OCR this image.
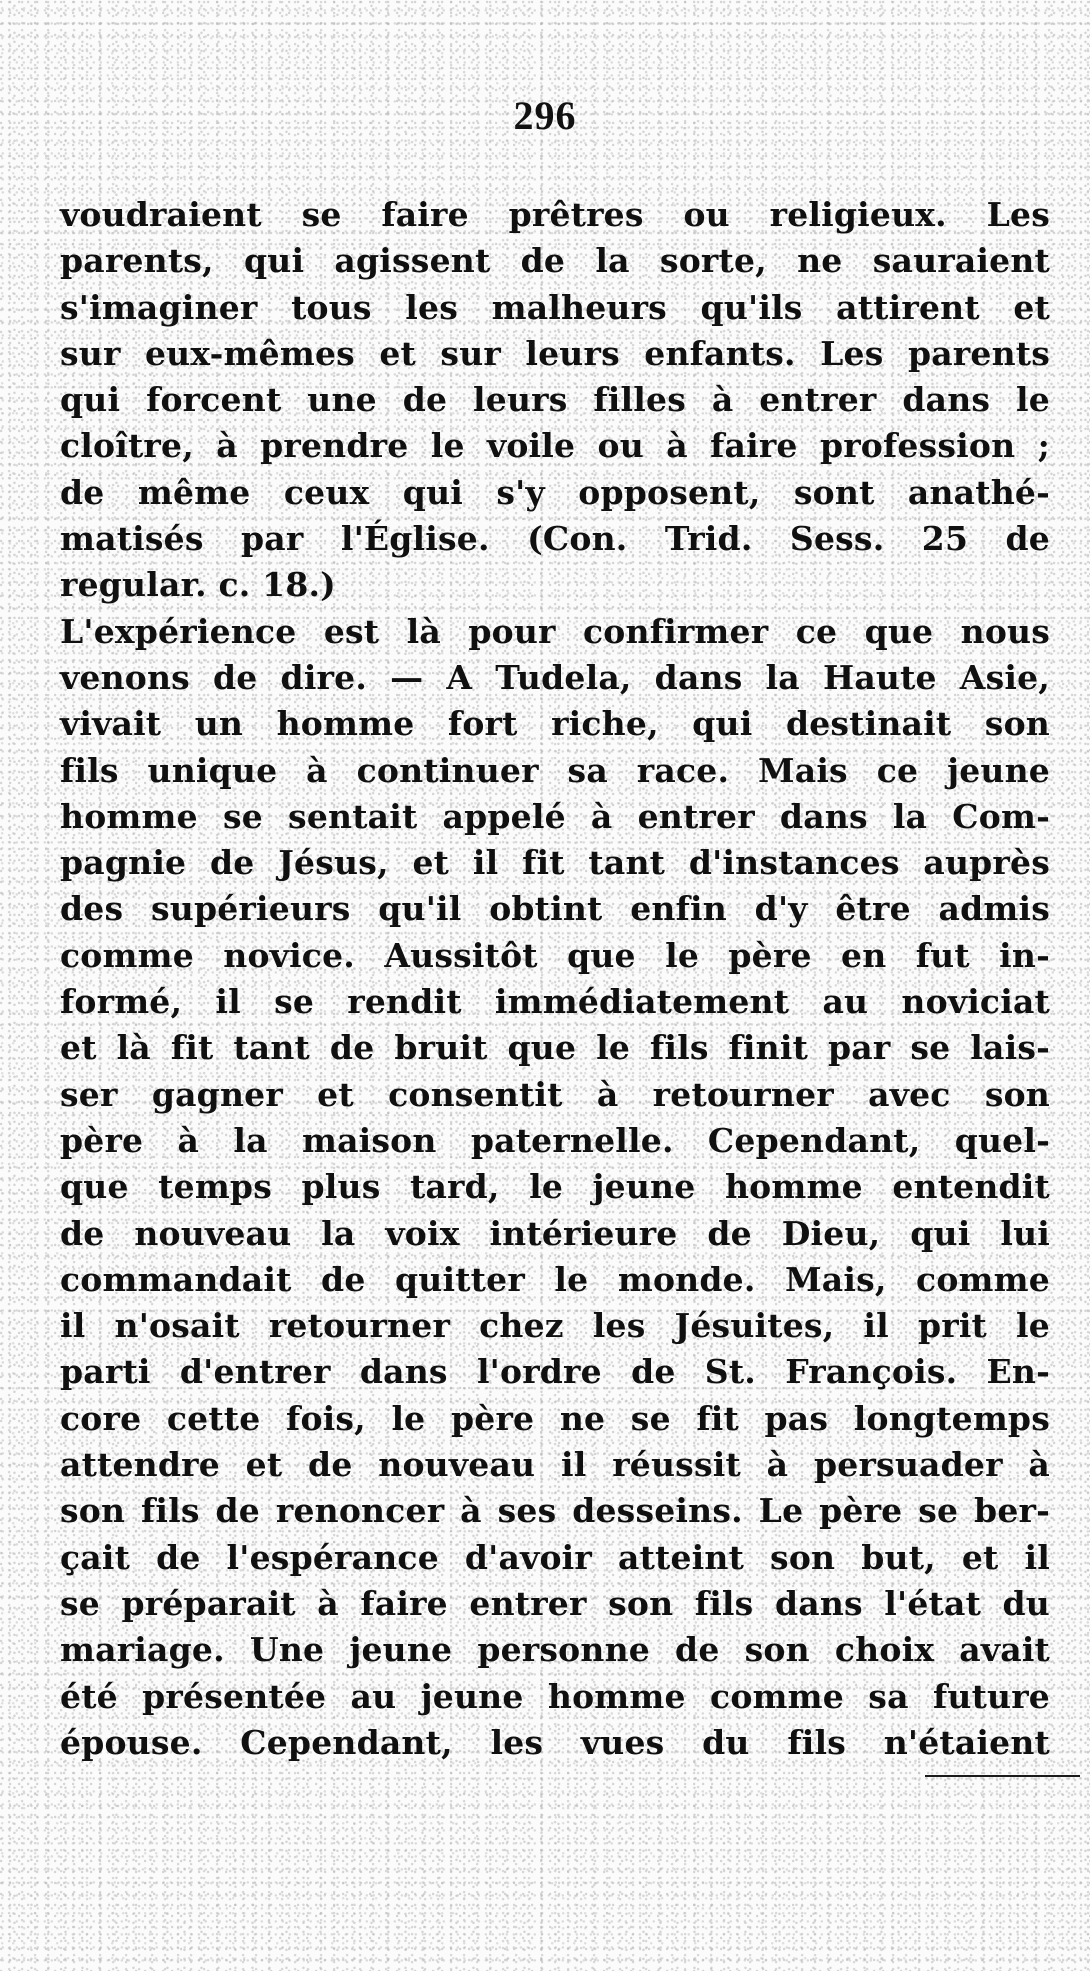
296
voudraient se faire prêtres ou religieux. Les
parents, qui agissent de la sorte, ne sauraient
s'imaginer tous les malheurs qu'ils attirent et
sur eux-mêmes et sur leurs enfants. Les parents
qui forcent une de leurs filles à entrer dans le
cloître, à prendre le voile ou à faire profession ;
de même ceux qui s'y opposent, sont anathé-
matisés par l'Église. (Con. Trid. Sess. 25 de
regular. c. 18.)
L'expérience est là pour confirmer ce que nous
venons de dire. — A Tudela, dans la Haute Asie,
vivait un homme fort riche, qui destinait son
fils unique à continuer sa race. Mais ce jeune
homme se sentait appelé à entrer dans la Com-
pagnie de Jésus, et il fit tant d'instances auprès
des supérieurs qu'il obtint enfin d'y être admis
comme novice. Aussitôt que le père en fut in-
formé, il se rendit immédiatement au noviciat
et là fit tant de bruit que le fils finit par se lais-
ser gagner et consentit à retourner avec son
père à la maison paternelle. Cependant, quel-
que temps plus tard, le jeune homme entendit
de nouveau la voix intérieure de Dieu, qui lui
commandait de quitter le monde. Mais, comme
il n'osait retourner chez les Jésuites, il prit le
parti d'entrer dans l'ordre de St. François. En-
core cette fois, le père ne se fit pas longtemps
attendre et de nouveau il réussit à persuader à
son fils de renoncer à ses desseins. Le père se ber-
çait de l'espérance d'avoir atteint son but, et il
se préparait à faire entrer son fils dans l'état du
mariage. Une jeune personne de son choix avait
été présentée au jeune homme comme sa future
épouse. Cependant, les vues du fils n'étaient
